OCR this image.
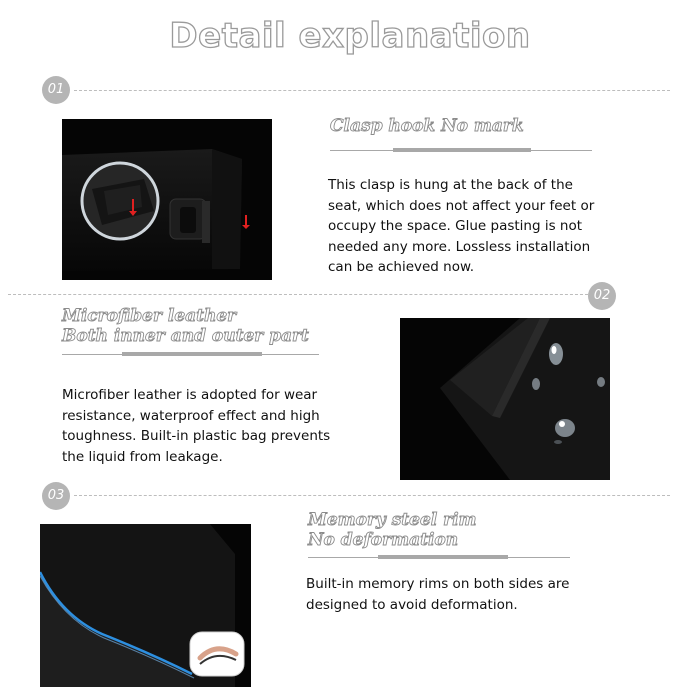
Detail explanation
01
Clasp hook No mark
This clasp is hung at the back of the
seat, which does not affect your feet or
occupy the space. Glue pasting is not
needed any more. Lossless installation
can be achieved now.
02
Microfiber leather
Both inner and outer part
Microfiber leather is adopted for wear
resistance, waterproof effect and high
toughness. Built-in plastic bag prevents
the liquid from leakage.
03
Memory steel rim
No deformation
Built-in memory rims on both sides are
designed to avoid deformation.
